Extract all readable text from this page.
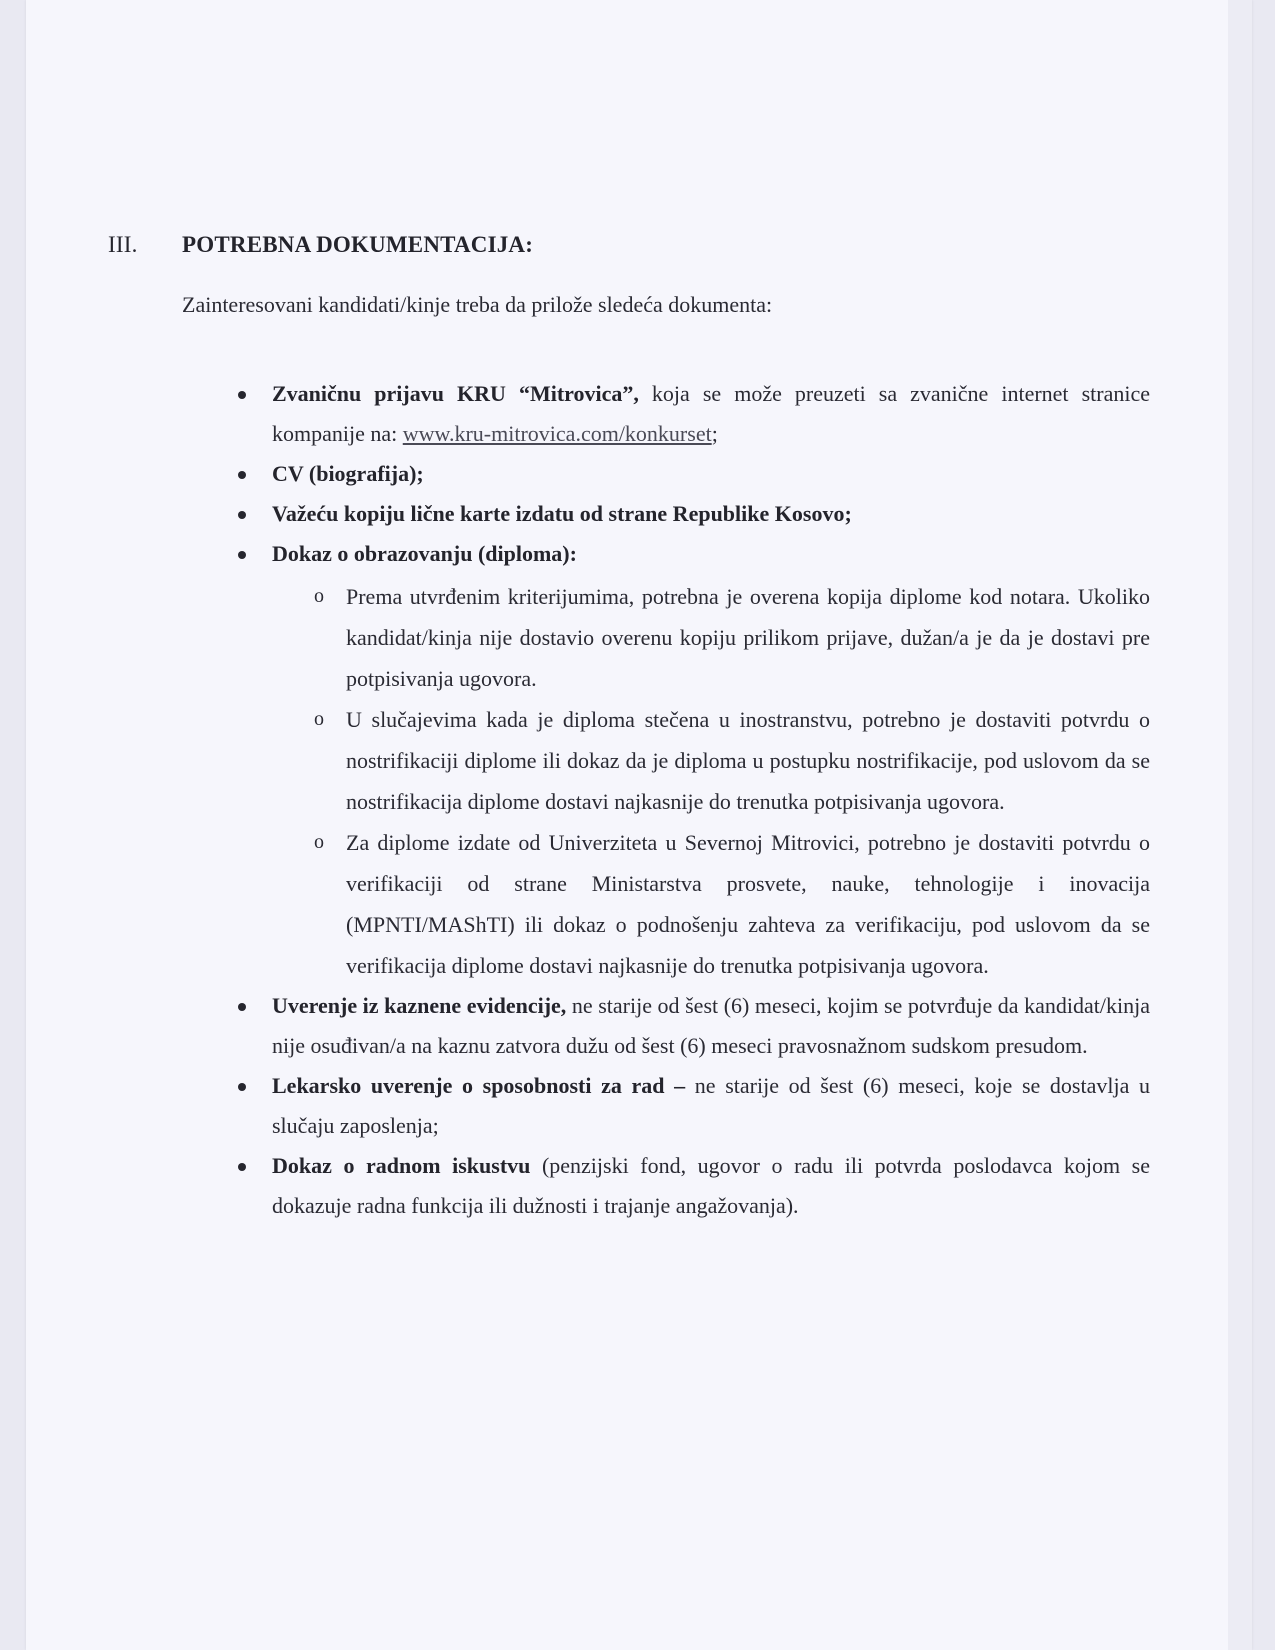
III.	POTREBNA DOKUMENTACIJA:
Zainteresovani kandidati/kinje treba da prilože sledeća dokumenta:
Zvaničnu prijavu KRU “Mitrovica”, koja se može preuzeti sa zvanične internet stranice kompanije na: www.kru-mitrovica.com/konkurset;
CV (biografija);
Važeću kopiju lične karte izdatu od strane Republike Kosovo;
Dokaz o obrazovanju (diploma):
o Prema utvrđenim kriterijumima, potrebna je overena kopija diplome kod notara. Ukoliko kandidat/kinja nije dostavio overenu kopiju prilikom prijave, dužan/a je da je dostavi pre potpisivanja ugovora.
o U slučajevima kada je diploma stečena u inostranstvu, potrebno je dostaviti potvrdu o nostrifikaciji diplome ili dokaz da je diploma u postupku nostrifikacije, pod uslovom da se nostrifikacija diplome dostavi najkasnije do trenutka potpisivanja ugovora.
o Za diplome izdate od Univerziteta u Severnoj Mitrovici, potrebno je dostaviti potvrdu o verifikaciji od strane Ministarstva prosvete, nauke, tehnologije i inovacija (MPNTI/MAShTI) ili dokaz o podnošenju zahteva za verifikaciju, pod uslovom da se verifikacija diplome dostavi najkasnije do trenutka potpisivanja ugovora.
Uverenje iz kaznene evidencije, ne starije od šest (6) meseci, kojim se potvrđuje da kandidat/kinja nije osuđivan/a na kaznu zatvora dužu od šest (6) meseci pravosnažnom sudskom presudom.
Lekarsko uverenje o sposobnosti za rad – ne starije od šest (6) meseci, koje se dostavlja u slučaju zaposlenja;
Dokaz o radnom iskustvu (penzijski fond, ugovor o radu ili potvrda poslodavca kojom se dokazuje radna funkcija ili dužnosti i trajanje angažovanja).
